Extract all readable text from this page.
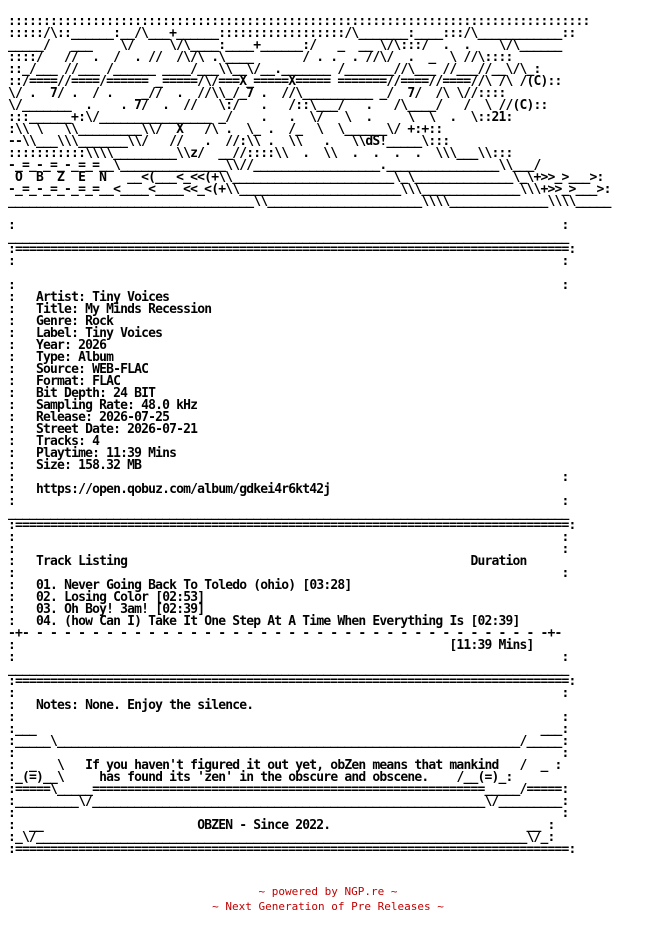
:::::::::::::::::::::::::::::::::::::::::::::::::::::::::::::::::::::::::::::::::::
:::::/\::______:__/\___+______::::::::::::::::::/\_______:____:::/\____________::
_____/   ___    \/     \/\____:____+______:/   _  __ \/\:::/  .  .    \/\______
::::/   //  .  /  . //  /\/\ .\____       / . .  . //\/  .  _  \ //\::::
::_/___ //___ /______ ____/___\\__\/__._______ /_______//\___ //___//__\/\_:
::/====//====/====== _=====/\/===X_=====X===== =======//====//====//\ /\ /(C)::
\/ .  7/ .  / .    _//  .  //\\_/_7 .  //\__________ _/  7/  /\ \//::::
\/_______  .    . 7/  .  //   \:/   .   /::\___/   .   /\____/   /  \ //(C)::
:::______+:\/________________ _/    .   .  \/   \  .     \  \  .  \::21:
:\\ \   \\_________\\/  X   /\ .  \_ .  /_  \  \______\/ +:+::
--\\___\\\_______\\/   //   .  //:\\ .  \\   .   \\dS!_____\:::
:::::::::::\\\\_________\\z/  __//::::\\  .  \\  .  .  .  .  \\\___\\:::
-_=_-_=_-_=_=__\_______________\\//__________________.________________\\___/
O  B  Z  E  N   __<(___<_<<(+\\_______________________\_\______________\_\+>>_>___>:
-_=_-_=_-_=_=__<____<____<<_<(+\\_______________________\\\______________\\\+>>_>___>:
___________________________________\\______________________\\\\______________\\\\_____
:                                                                              :
________________________________________________________________________________
:===============================================================================:
:                                                                              :
:                                                                              :
:   Artist: Tiny Voices
:   Title: My Minds Recession
:   Genre: Rock
:   Label: Tiny Voices
:   Year: 2026
:   Type: Album
:   Source: WEB-FLAC
:   Format: FLAC
:   Bit Depth: 24 BIT
:   Sampling Rate: 48.0 kHz
:   Release: 2026-07-25
:   Street Date: 2026-07-21
:   Tracks: 4
:   Playtime: 11:39 Mins
:   Size: 158.32 MB
:                                                                              :
:   https://open.qobuz.com/album/gdkei4r6kt42j
:                                                                              :
________________________________________________________________________________
:===============================================================================:
:                                                                              :
:                                                                              :
:   Track Listing	Duration
:                                                                              :
:   01. Never Going Back To Toledo (ohio) [03:28]
:   02. Losing Color [02:53]
:   03. Oh Boy! 3am! [02:39]
:   04. (how Can I) Take It One Step At A Time When Everything Is [02:39]
-+- - - - - - - - - - - - - - - - - - - - - - - - - - - - - - - - - - - - - -+-
:                                                              [11:39 Mins]
:                                                                              :
________________________________________________________________________________
:===============================================================================:
:                                                                              :
:   Notes: None. Enjoy the silence.
:                                                                              :
:___                                                                        ___:
:_____\__________________________________________________________________/_____:
:                                                                              :
:  _   \   If you haven't figured it out yet, obZen means that mankind   /  _ :
:_(=)__\     has found its 'zen' in the obscure and obscene.    /__(=)_:
:=====\_____========================================================_____/=====:
:_________\/________________________________________________________\/_________:
:                                                                              :
:  __                      OBZEN - Since 2022.                            __ :
:_\/______________________________________________________________________\/_:
:===============================================================================:
~ powered by NGP.re ~
~ Next Generation of Pre Releases ~
